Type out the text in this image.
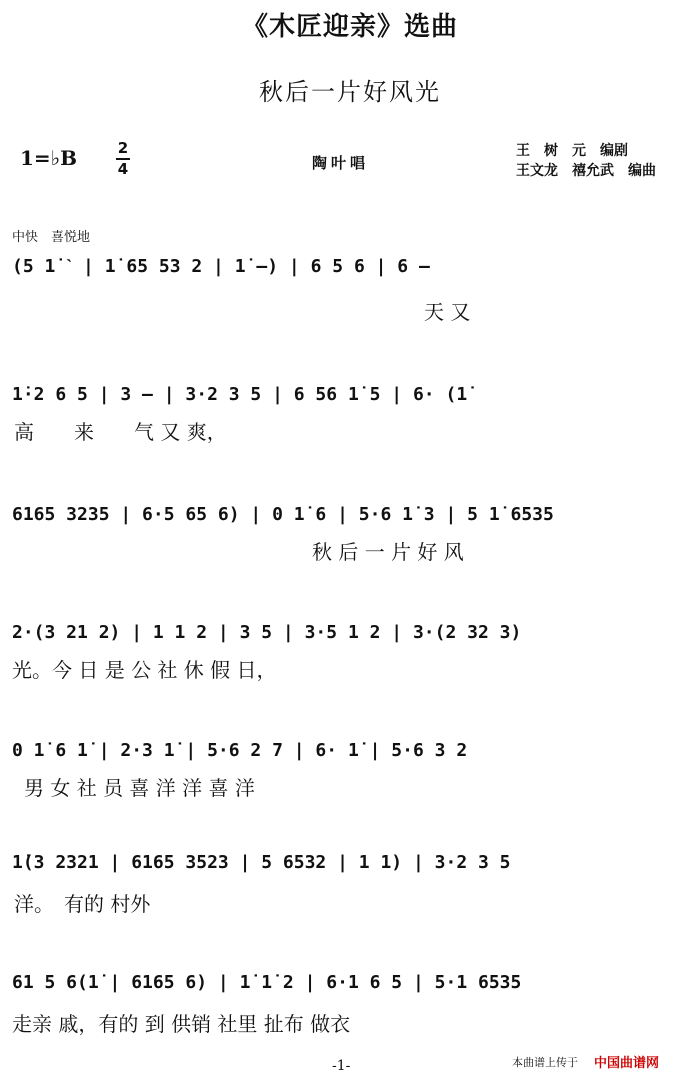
《木匠迎亲》选曲
秋后一片好风光
1=♭B	2
4	陶叶唱
王　树　元　编剧
王文龙　禧允武　编曲
中快　喜悦地
(5 1̇ ˋ | 1̇ 65 53 2 | 1̇ —) | 6 5 6 | 6 —
天 又
1̇·2 6 5 | 3 — | 3·2 3 5 | 6 56 1̇ 5 | 6· (1̇
高　　来　　气 又 爽，
6165 3235 | 6·5 65 6) | 0 1̇ 6 | 5·6 1̇ 3 | 5 1̇ 6535
秋 后 一 片 好 风
2·(3 21 2) | 1 1 2 | 3 5 | 3·5 1 2 | 3·(2 32 3)
光。今 日 是 公 社 休 假 日，
0 1̇ 6 1̇ | 2·3 1̇ | 5·6 2 7 | 6· 1̇ | 5·6 3 2
男 女 社 员 喜 洋 洋 喜 洋
1̇(3 2321 | 6165 3523 | 5 6532 | 1 1) | 3·2 3 5
洋。　有的 村外
61 5 6(1̇ | 6165 6) | 1̇ 1̇ 2 | 6·1 6 5 | 5·1 6535
走亲 戚，有的 到 供销 社里 扯布 做衣
-1-	本曲谱上传于 中国曲谱网
